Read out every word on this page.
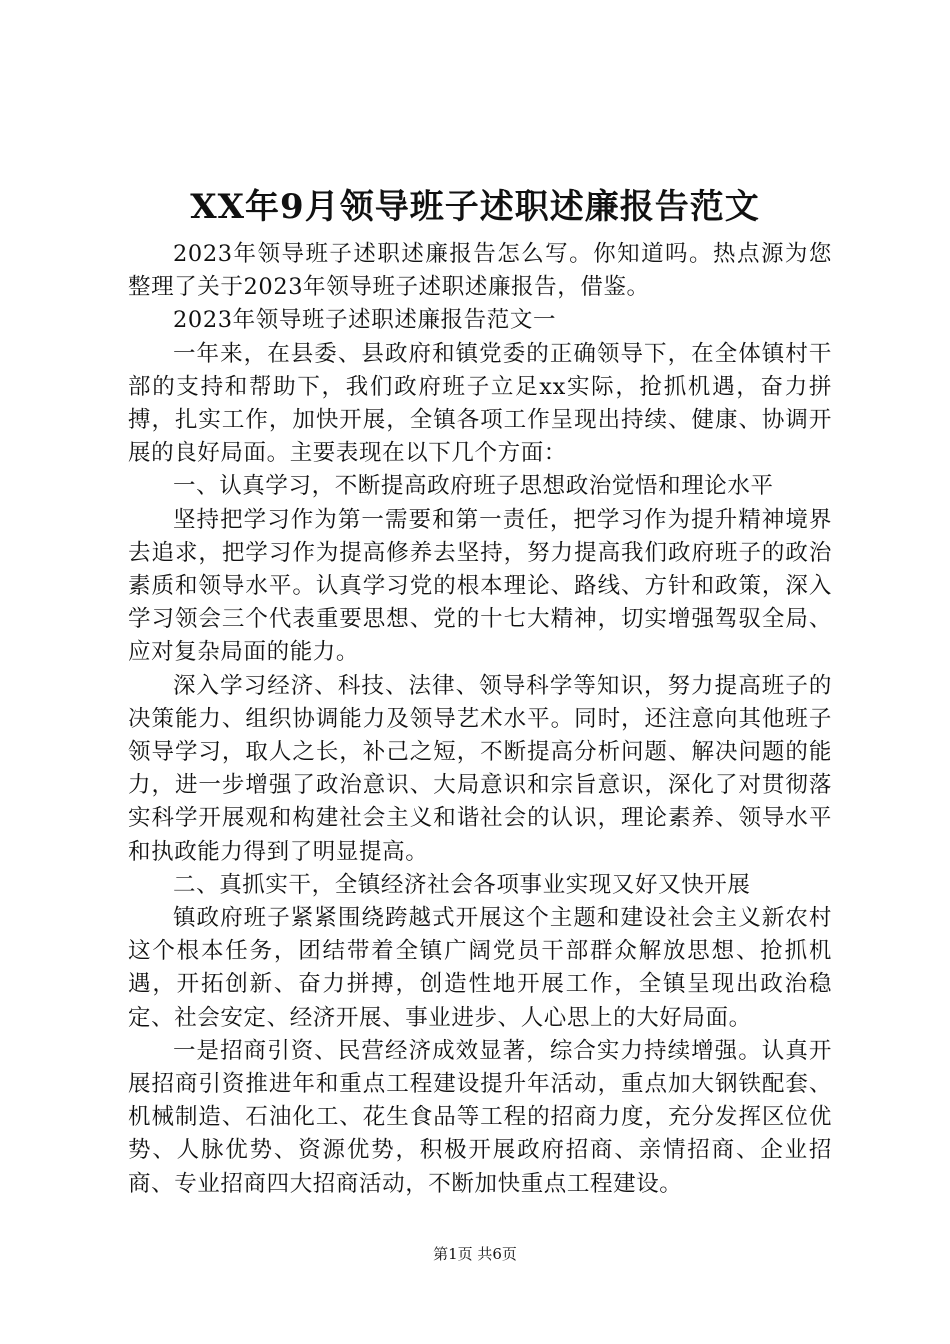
XX年9月领导班子述职述廉报告范文

2023年领导班子述职述廉报告怎么写。你知道吗。热点源为您整理了关于2023年领导班子述职述廉报告，借鉴。

2023年领导班子述职述廉报告范文一

一年来，在县委、县政府和镇党委的正确领导下，在全体镇村干部的支持和帮助下，我们政府班子立足xx实际，抢抓机遇，奋力拼搏，扎实工作，加快开展，全镇各项工作呈现出持续、健康、协调开展的良好局面。主要表现在以下几个方面：

一、认真学习，不断提高政府班子思想政治觉悟和理论水平

坚持把学习作为第一需要和第一责任，把学习作为提升精神境界去追求，把学习作为提高修养去坚持，努力提高我们政府班子的政治素质和领导水平。认真学习党的根本理论、路线、方针和政策，深入学习领会三个代表重要思想、党的十七大精神，切实增强驾驭全局、应对复杂局面的能力。

深入学习经济、科技、法律、领导科学等知识，努力提高班子的决策能力、组织协调能力及领导艺术水平。同时，还注意向其他班子领导学习，取人之长，补己之短，不断提高分析问题、解决问题的能力，进一步增强了政治意识、大局意识和宗旨意识，深化了对贯彻落实科学开展观和构建社会主义和谐社会的认识，理论素养、领导水平和执政能力得到了明显提高。

二、真抓实干，全镇经济社会各项事业实现又好又快开展

镇政府班子紧紧围绕跨越式开展这个主题和建设社会主义新农村这个根本任务，团结带着全镇广阔党员干部群众解放思想、抢抓机遇，开拓创新、奋力拼搏，创造性地开展工作，全镇呈现出政治稳定、社会安定、经济开展、事业进步、人心思上的大好局面。

一是招商引资、民营经济成效显著，综合实力持续增强。认真开展招商引资推进年和重点工程建设提升年活动，重点加大钢铁配套、机械制造、石油化工、花生食品等工程的招商力度，充分发挥区位优势、人脉优势、资源优势，积极开展政府招商、亲情招商、企业招商、专业招商四大招商活动，不断加快重点工程建设。

第1页 共6页
